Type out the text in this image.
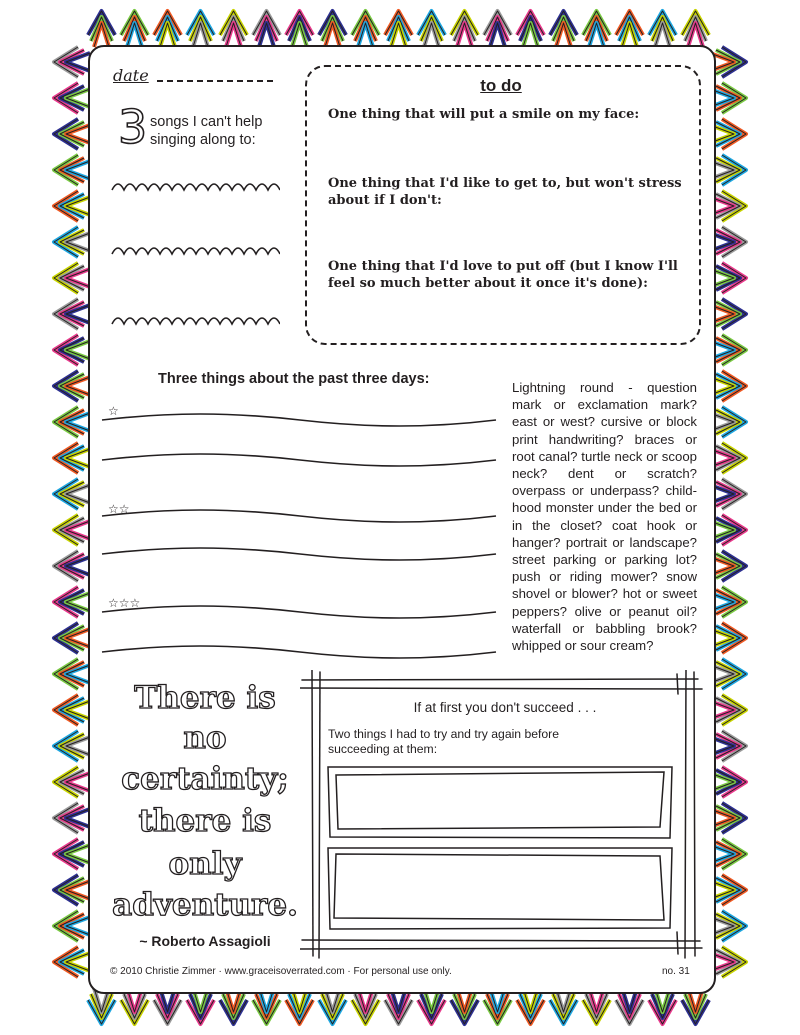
date
3 songs I can't help
singing along to:
to do
One thing that will put a smile on my face:
One thing that I'd like to get to, but won't stress about if I don't:
One thing that I'd love to put off (but I know I'll feel so much better about it once it's done):
Three things about the past three days:
☆
☆☆
☆☆☆
Lightning round - question mark or exclamation mark? east or west? cursive or block print handwriting? braces or root canal? turtle neck or scoop neck? dent or scratch? overpass or underpass? childhood monster under the bed or in the closet? coat hook or hanger? portrait or landscape? street parking or parking lot? push or riding mower? snow shovel or blower? hot or sweet peppers? olive or peanut oil? waterfall or babbling brook? whipped or sour cream?
There is
no
certainty;
there is
only
adventure.
~ Roberto Assagioli
If at first you don't succeed . . .
Two things I had to try and try again before
succeeding at them:
© 2010 Christie Zimmer · www.graceisoverrated.com · For personal use only.	no. 31
